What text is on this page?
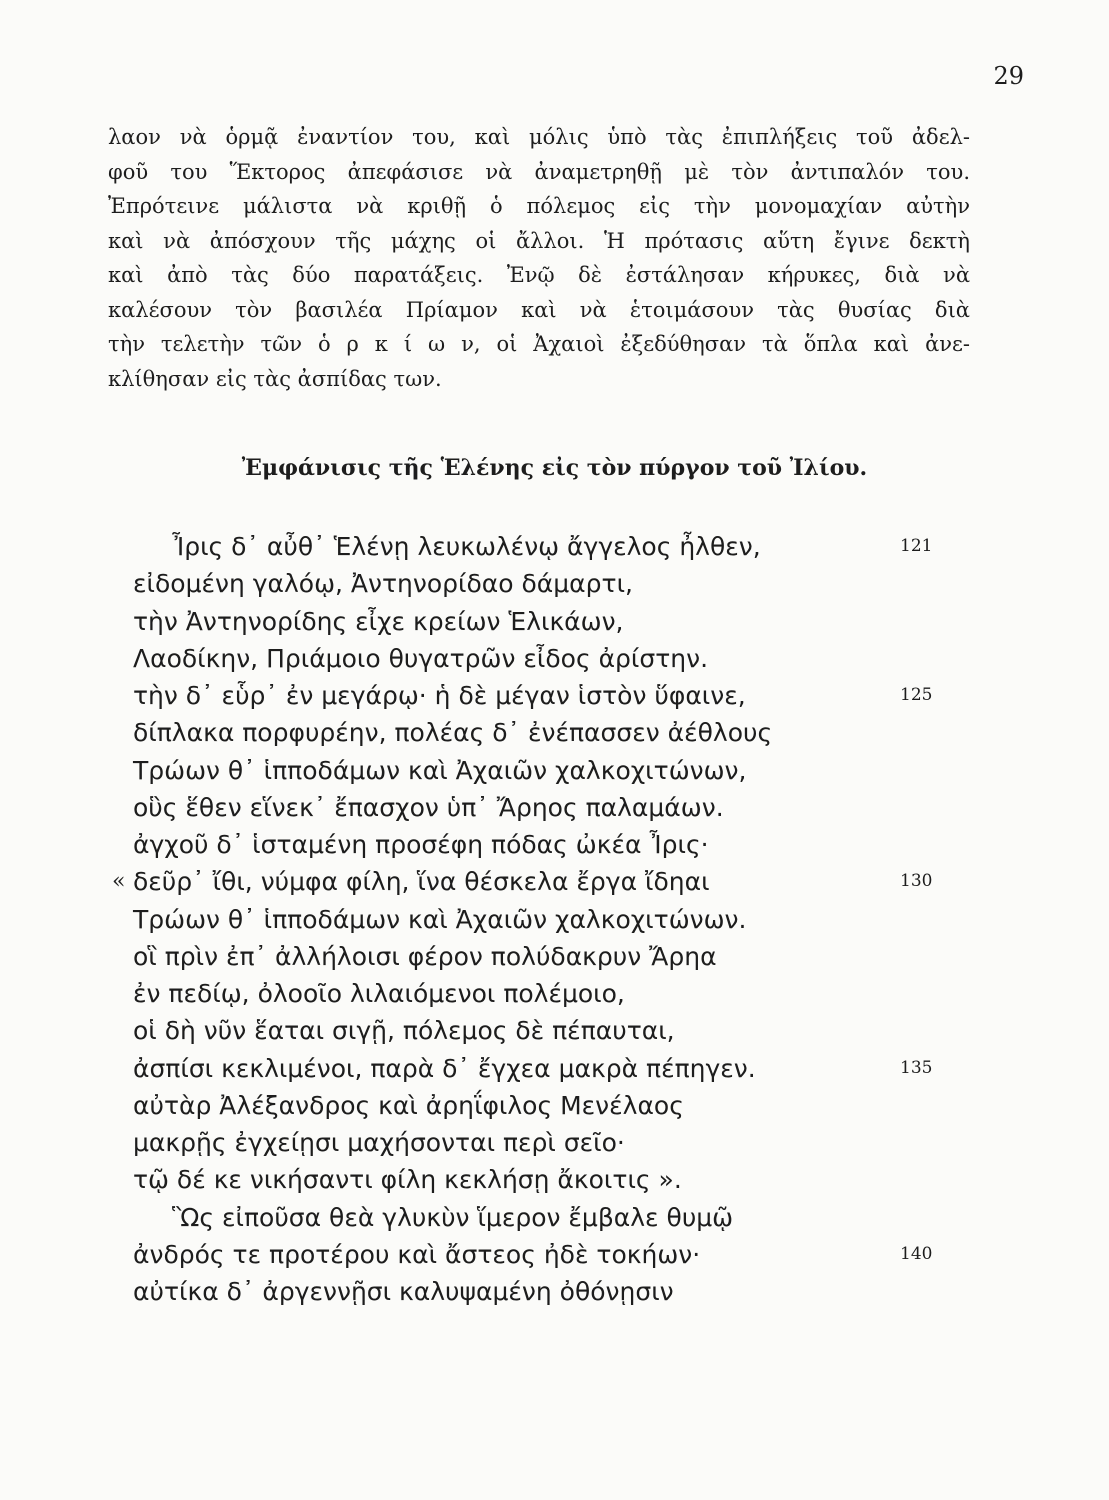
29
λαον νὰ ὁρμᾷ ἐναντίον του, καὶ μόλις ὑπὸ τὰς ἐπιπλήξεις τοῦ ἀδελ-
φοῦ του Ἕκτορος ἀπεφάσισε νὰ ἀναμετρηθῇ μὲ τὸν ἀντιπαλόν του.
Ἐπρότεινε μάλιστα νὰ κριθῇ ὁ πόλεμος εἰς τὴν μονομαχίαν αὐτὴν
καὶ νὰ ἀπόσχουν τῆς μάχης οἱ ἄλλοι. Ἡ πρότασις αὕτη ἔγινε δεκτὴ
καὶ ἀπὸ τὰς δύο παρατάξεις. Ἐνῷ δὲ ἐστάλησαν κήρυκες, διὰ νὰ
καλέσουν τὸν βασιλέα Πρίαμον καὶ νὰ ἑτοιμάσουν τὰς θυσίας διὰ
τὴν τελετὴν τῶν ὁ ρ κ ί ω ν, οἱ Ἀχαιοὶ ἐξεδύθησαν τὰ ὅπλα καὶ ἀνε-
κλίθησαν εἰς τὰς ἀσπίδας των.
Ἐμφάνισις τῆς Ἑλένης εἰς τὸν πύργον τοῦ Ἰλίου.
Ἶρις δ᾽ αὖθ᾽ Ἑλένῃ λευκωλένῳ ἄγγελος ἦλθεν,	121
εἰδομένη γαλόῳ, Ἀντηνορίδαο δάμαρτι,
τὴν Ἀντηνορίδης εἶχε κρείων Ἑλικάων,
Λαοδίκην, Πριάμοιο θυγατρῶν εἶδος ἀρίστην.
τὴν δ᾽ εὗρ᾽ ἐν μεγάρῳ· ἡ δὲ μέγαν ἱστὸν ὕφαινε,	125
δίπλακα πορφυρέην, πολέας δ᾽ ἐνέπασσεν ἀέθλους
Τρώων θ᾽ ἱπποδάμων καὶ Ἀχαιῶν χαλκοχιτώνων,
οὓς ἕθεν εἵνεκ᾽ ἔπασχον ὑπ᾽ Ἄρηος παλαμάων.
ἀγχοῦ δ᾽ ἱσταμένη προσέφη πόδας ὠκέα Ἶρις·
« δεῦρ᾽ ἴθι, νύμφα φίλη, ἵνα θέσκελα ἔργα ἴδηαι	130
Τρώων θ᾽ ἱπποδάμων καὶ Ἀχαιῶν χαλκοχιτώνων.
οἳ πρὶν ἐπ᾽ ἀλλήλοισι φέρον πολύδακρυν Ἄρηα
ἐν πεδίῳ, ὀλοοῖο λιλαιόμενοι πολέμοιο,
οἱ δὴ νῦν ἕαται σιγῇ, πόλεμος δὲ πέπαυται,
ἀσπίσι κεκλιμένοι, παρὰ δ᾽ ἔγχεα μακρὰ πέπηγεν.	135
αὐτὰρ Ἀλέξανδρος καὶ ἀρηΐφιλος Μενέλαος
μακρῇς ἐγχείῃσι μαχήσονται περὶ σεῖο·
τῷ δέ κε νικήσαντι φίλη κεκλήσῃ ἄκοιτις ».
Ὣς εἰποῦσα θεὰ γλυκὺν ἵμερον ἔμβαλε θυμῷ
ἀνδρός τε προτέρου καὶ ἄστεος ἠδὲ τοκήων·	140
αὐτίκα δ᾽ ἀργεννῇσι καλυψαμένη ὀθόνῃσιν
